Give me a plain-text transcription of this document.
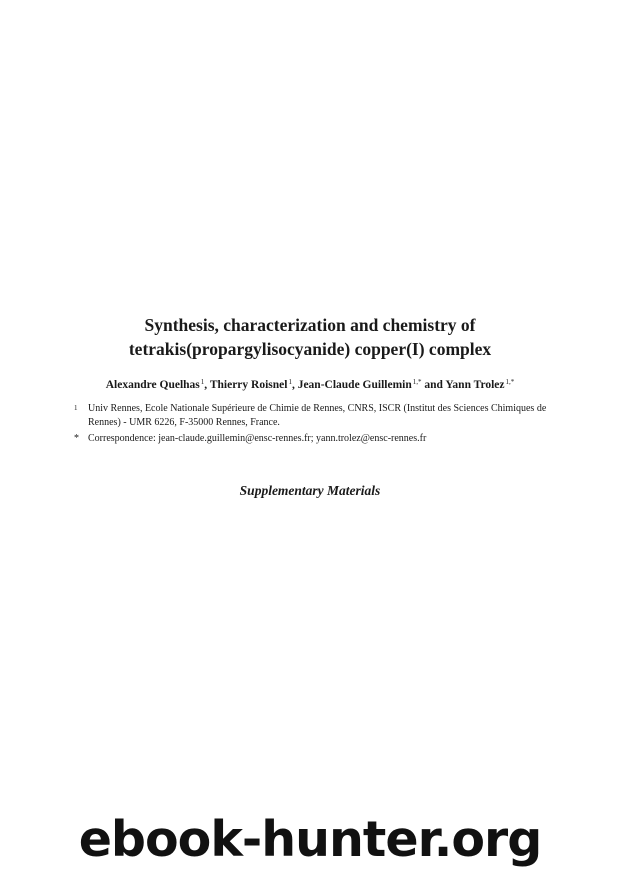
Synthesis, characterization and chemistry of
tetrakis(propargylisocyanide) copper(I) complex
Alexandre Quelhas$^1$, Thierry Roisnel$^1$, Jean-Claude Guillemin$^{1,*}$ and Yann Trolez$^{1,*}$
1 Univ Rennes, Ecole Nationale Supérieure de Chimie de Rennes, CNRS, ISCR (Institut des Sciences Chimiques de Rennes) - UMR 6226, F-35000 Rennes, France.
* Correspondence: jean-claude.guillemin@ensc-rennes.fr; yann.trolez@ensc-rennes.fr
Supplementary Materials
ebook-hunter.org
